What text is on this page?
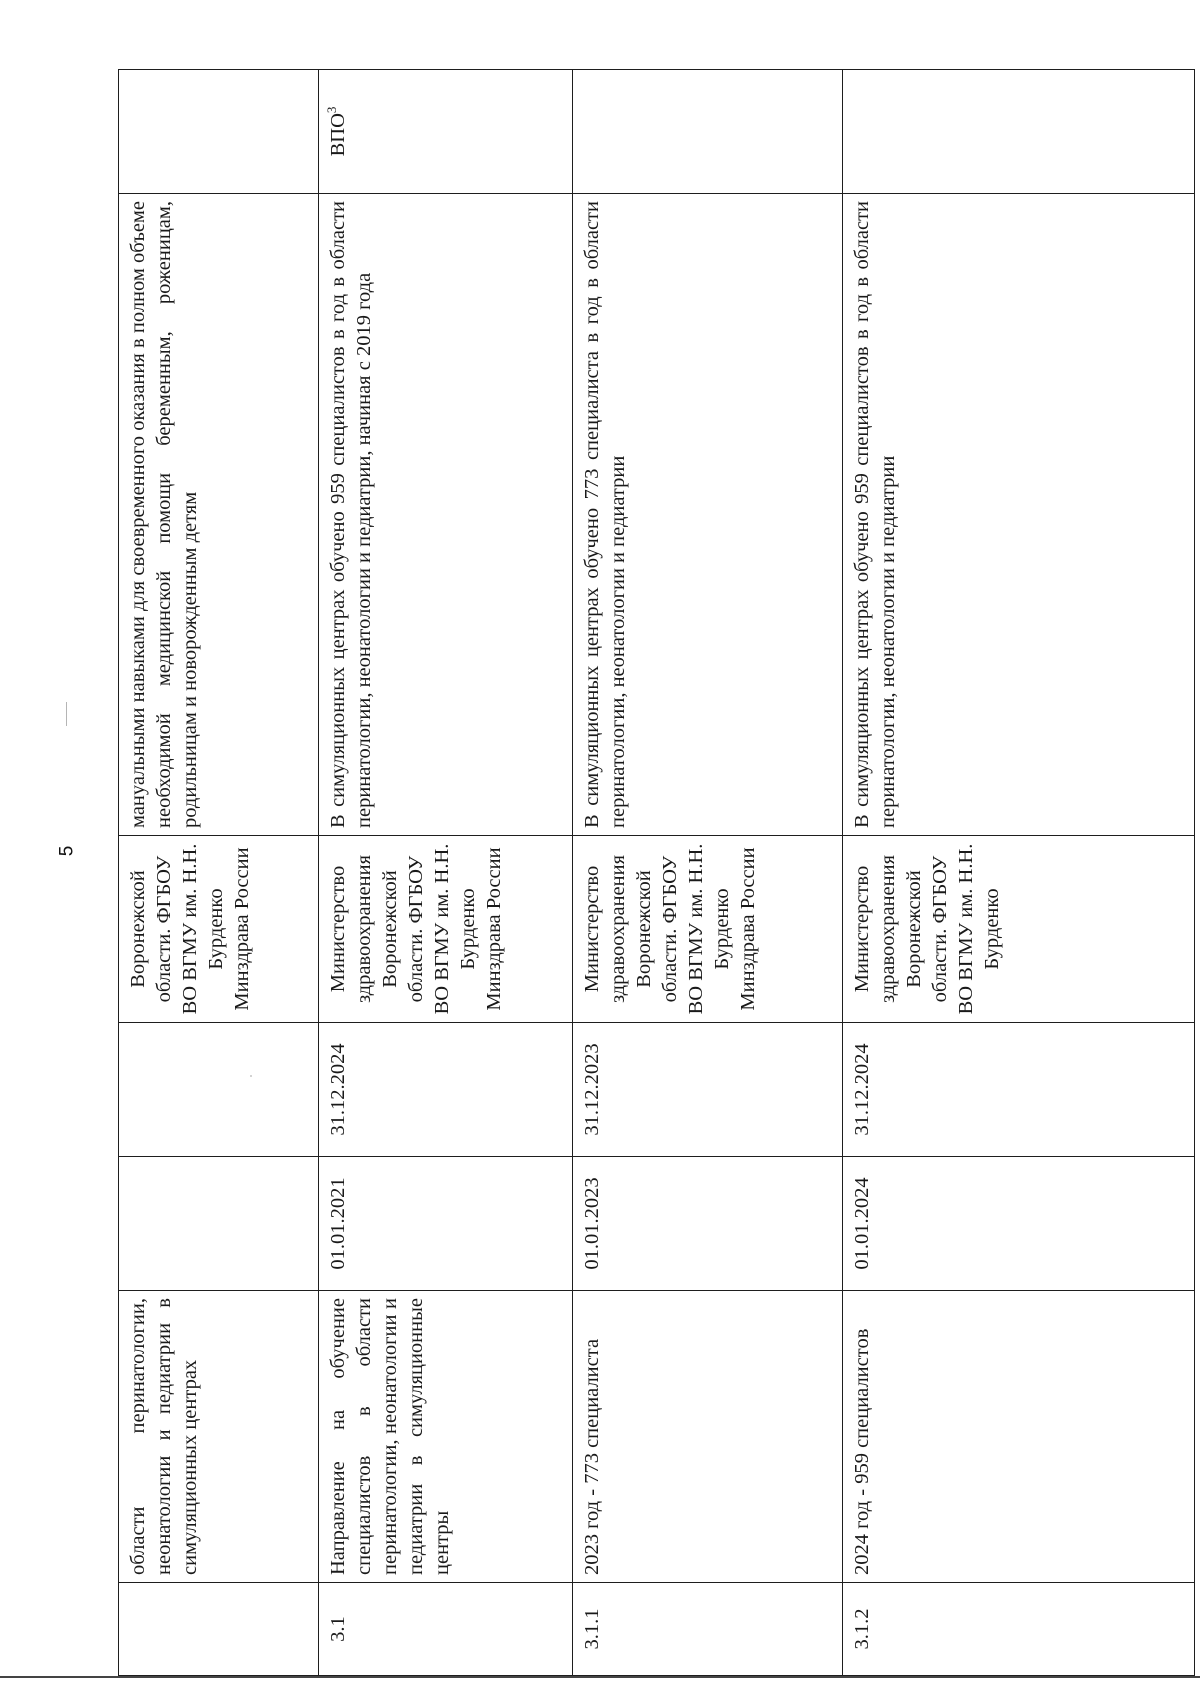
5
	области перинатологии, неонатологии и педиатрии в симуляционных центрах			Воронежской области. ФГБОУ ВО ВГМУ им. Н.Н. Бурденко Минздрава России	мануальными навыками для своевременного оказания в полном объеме необходимой медицинской помощи беременным, роженицам, родильницам и новорожденным детям	
3.1	Направление на обучение специалистов в области перинатологии, неонатологии и педиатрии в симуляционные центры	01.01.2021	31.12.2024	Министерство здравоохранения Воронежской области. ФГБОУ ВО ВГМУ им. Н.Н. Бурденко Минздрава России	В симуляционных центрах обучено 959 специалистов в год в области перинатологии, неонатологии и педиатрии, начиная с 2019 года	ВПО$^3$
3.1.1	2023 год - 773 специалиста	01.01.2023	31.12.2023	Министерство здравоохранения Воронежской области. ФГБОУ ВО ВГМУ им. Н.Н. Бурденко Минздрава России	В симуляционных центрах обучено 773 специалиста в год в области перинатологии, неонатологии и педиатрии	
3.1.2	2024 год - 959 специалистов	01.01.2024	31.12.2024	Министерство здравоохранения Воронежской области. ФГБОУ ВО ВГМУ им. Н.Н. Бурденко	В симуляционных центрах обучено 959 специалистов в год в области перинатологии, неонатологии и педиатрии	
